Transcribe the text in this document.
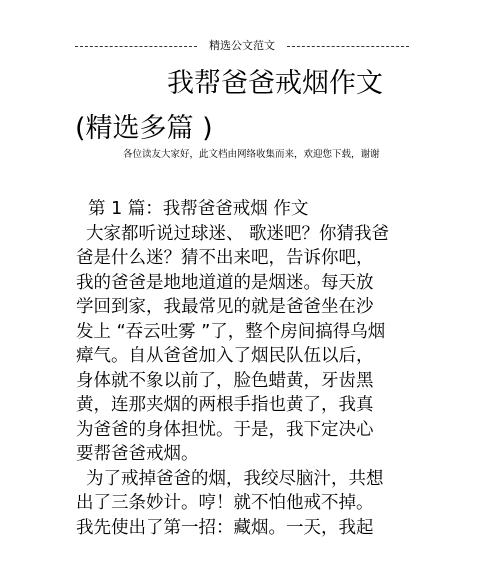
精选公文范文
我帮爸爸戒烟作文
(精选多篇 )
各位读友大家好，此文档由网络收集而来，欢迎您下载，谢谢
第 1 篇：我帮爸爸戒烟 作文
大家都听说过球迷、 歌迷吧？你猜我爸
爸是什么迷？猜不出来吧，告诉你吧，
我的爸爸是地地道道的是烟迷。每天放
学回到家，我最常见的就是爸爸坐在沙
发上 “吞云吐雾 ”了，整个房间搞得乌烟
瘴气。自从爸爸加入了烟民队伍以后，
身体就不象以前了，脸色蜡黄，牙齿黑
黄，连那夹烟的两根手指也黄了，我真
为爸爸的身体担忧。于是，我下定决心
要帮爸爸戒烟。
为了戒掉爸爸的烟，我绞尽脑汁，共想
出了三条妙计。哼！就不怕他戒不掉。
我先使出了第一招：藏烟。一天，我起
